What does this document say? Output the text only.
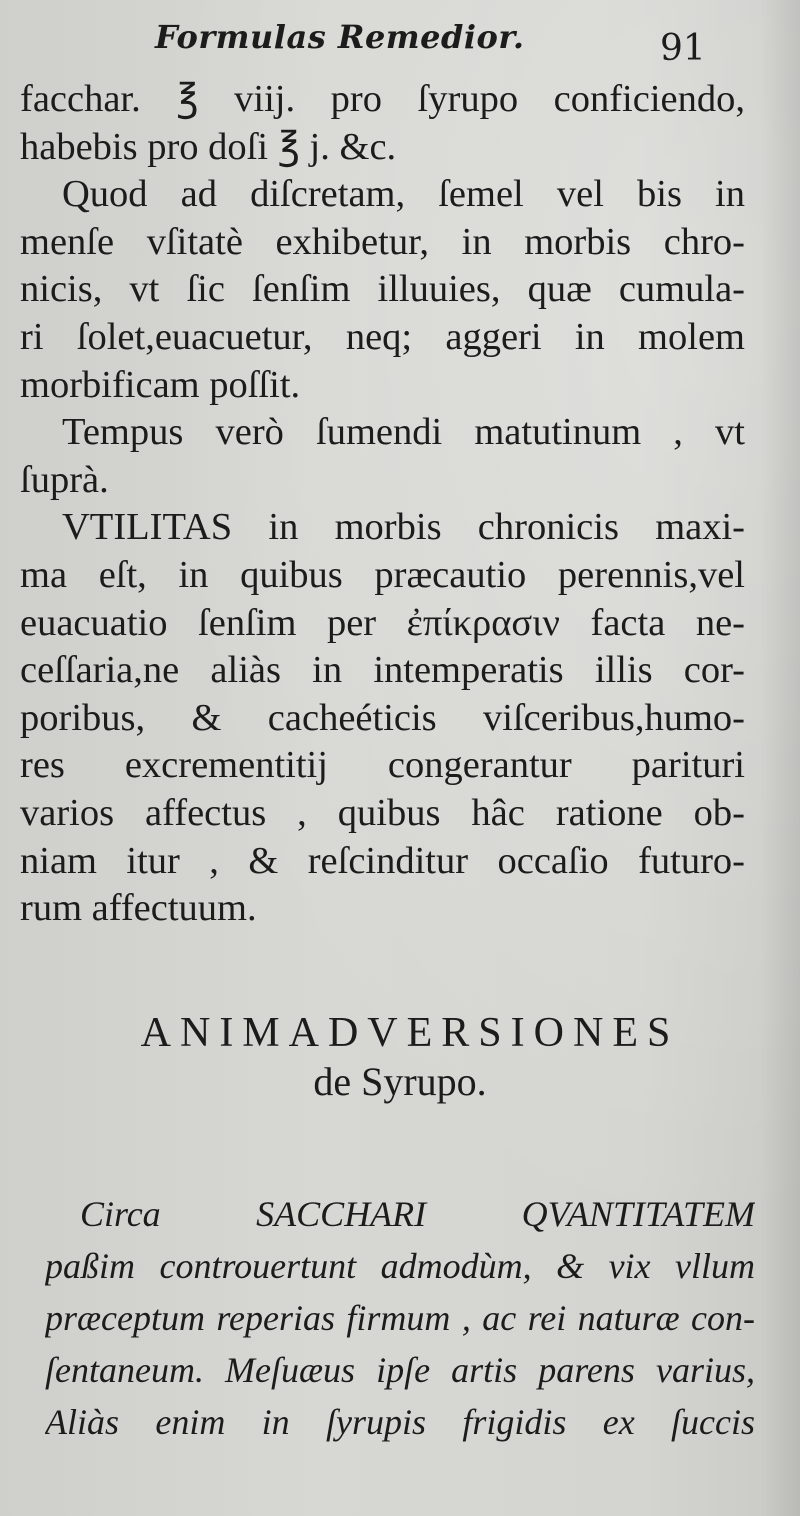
Formulas Remedior.	91
facchar. ℥ viij. pro ſyrupo conficiendo,
habebis pro doſi ℥ j. &c.
Quod ad diſcretam, ſemel vel bis in
menſe vſitatè exhibetur, in morbis chro-
nicis, vt ſic ſenſim illuuies, quæ cumula-
ri ſolet,euacuetur, neq; aggeri in molem
morbificam poſſit.
Tempus verò ſumendi matutinum , vt
ſuprà.
VTILITAS in morbis chronicis maxi-
ma eſt, in quibus præcautio perennis,vel
euacuatio ſenſim per ἐπίκρασιν facta ne-
ceſſaria,ne aliàs in intemperatis illis cor-
poribus, & cacheéticis viſceribus,humo-
res excrementitij congerantur parituri
varios affectus , quibus hâc ratione ob-
niam itur , & reſcinditur occaſio futuro-
rum affectuum.
ANIMADVERSIONES
de Syrupo.
Circa SACCHARI QVANTITATEM
paßim controuertunt admodùm, & vix vllum
præceptum reperias firmum , ac rei naturæ con-
ſentaneum. Meſuæus ipſe artis parens varius,
Aliàs enim in ſyrupis frigidis ex ſuccis
